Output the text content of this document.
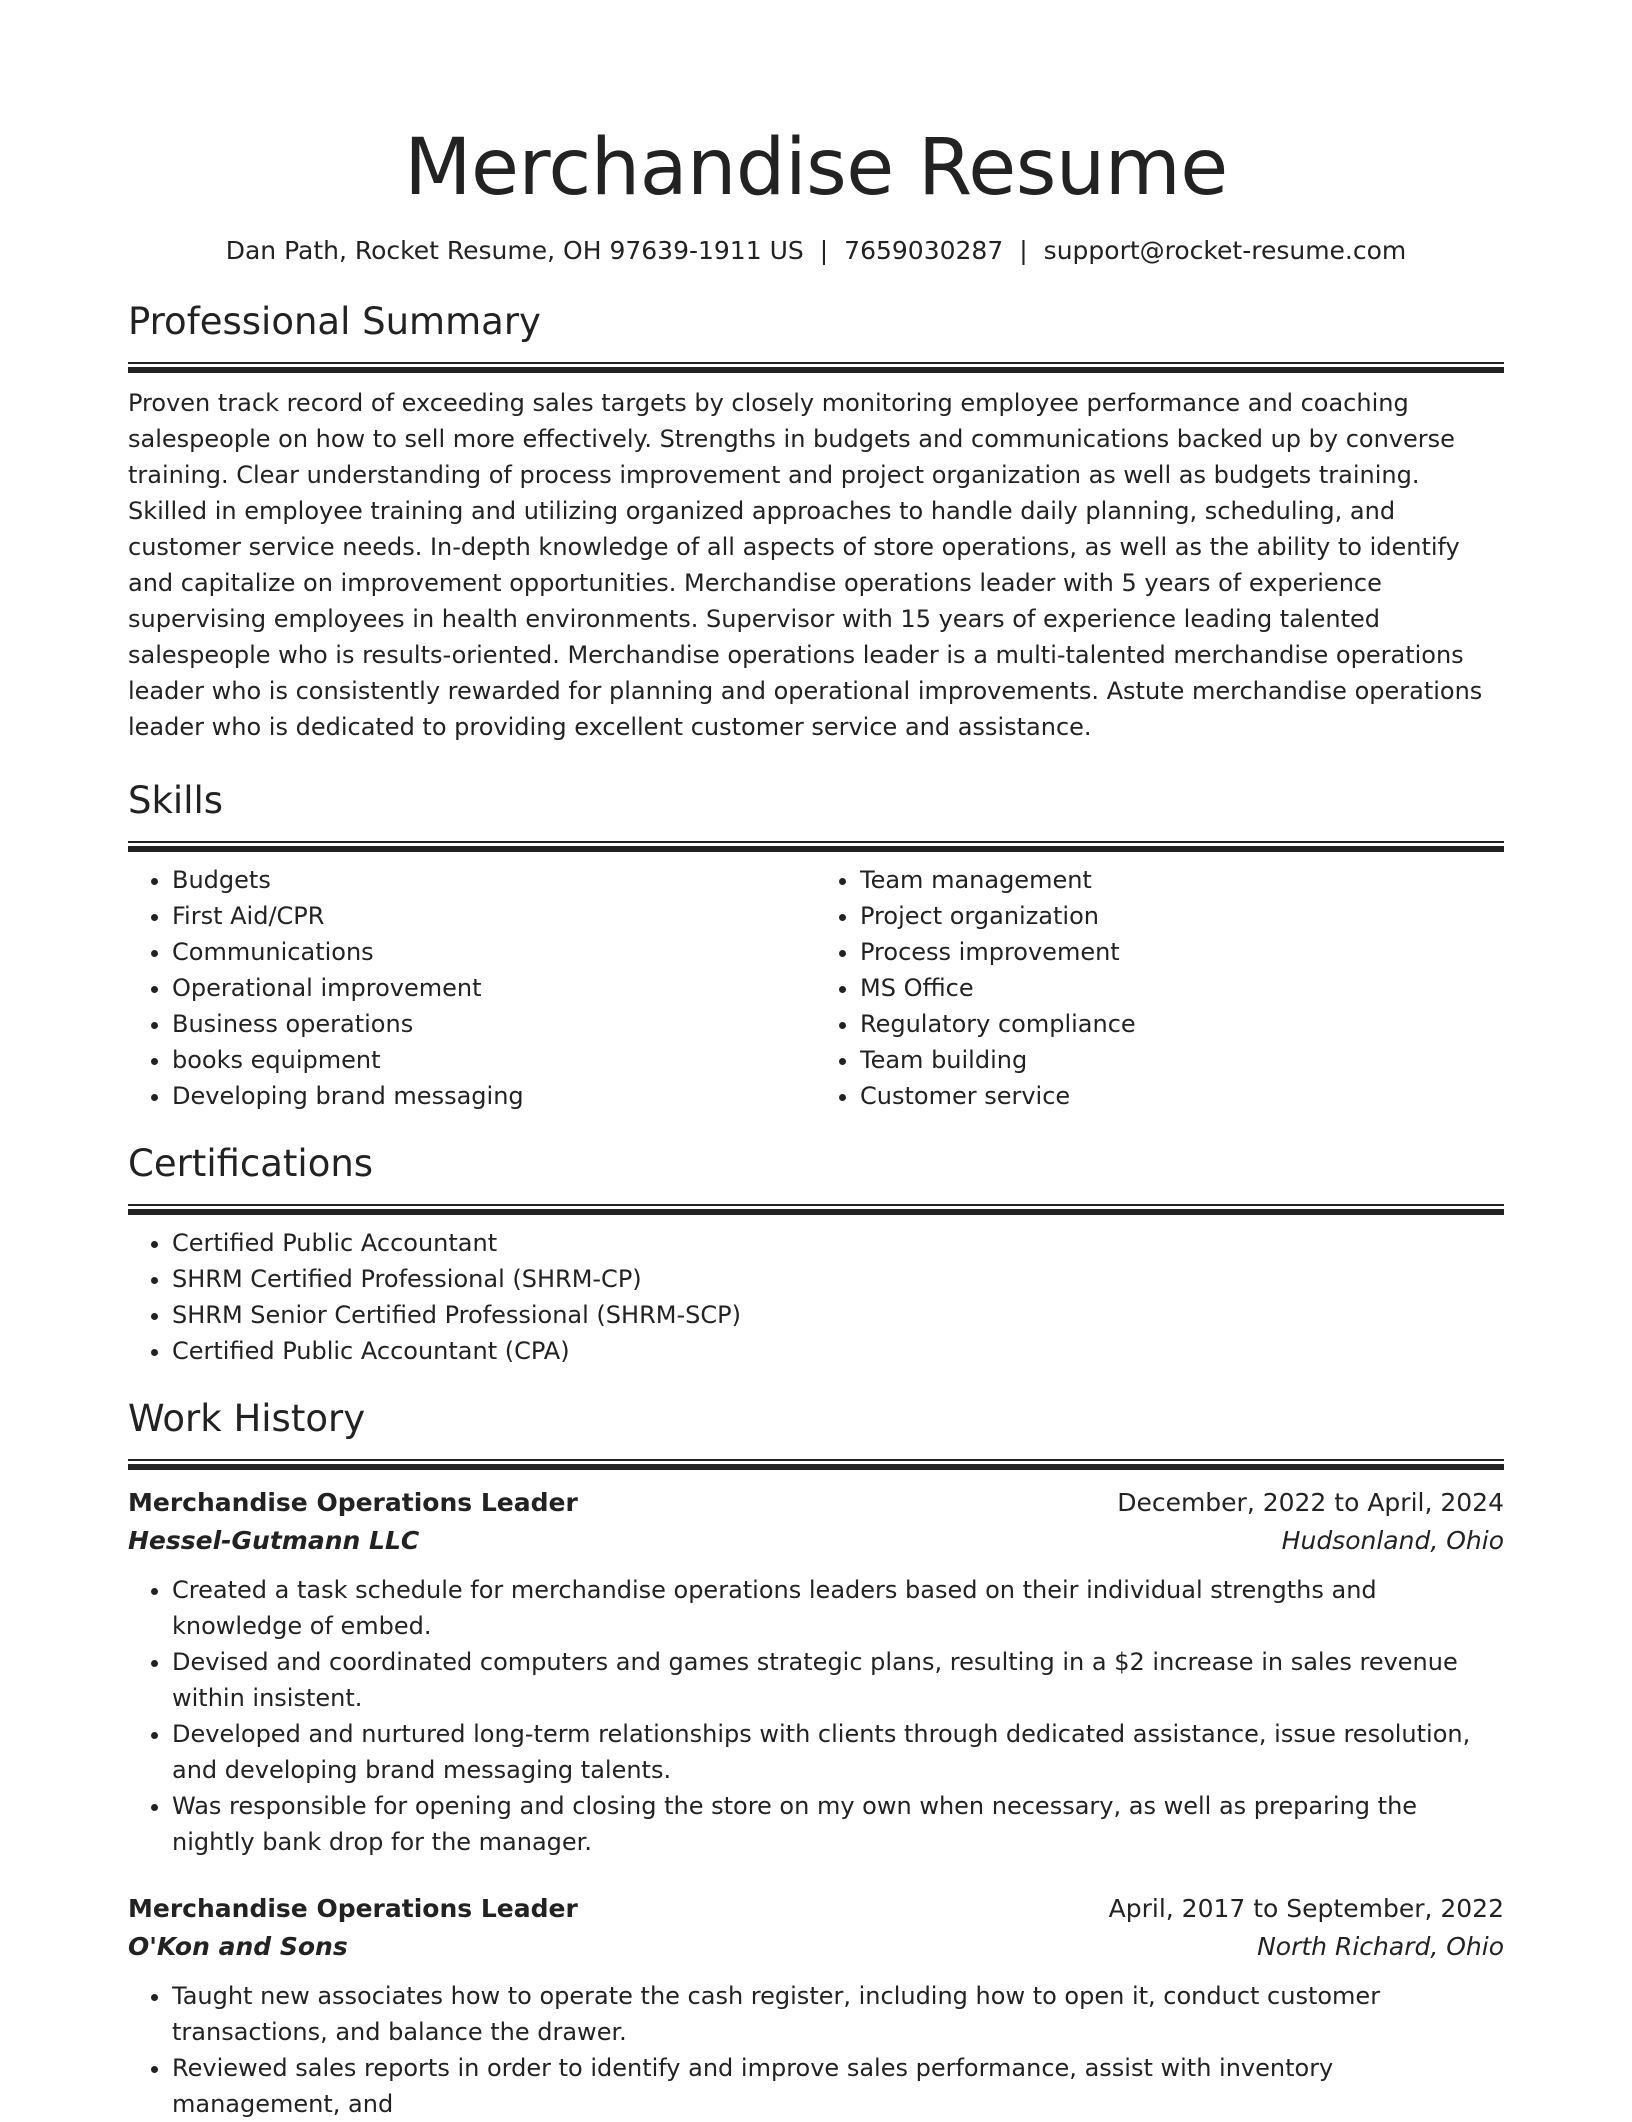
Merchandise Resume
Dan Path, Rocket Resume, OH 97639-1911 US | 7659030287 | support@rocket-resume.com
Professional Summary
Proven track record of exceeding sales targets by closely monitoring employee performance and coaching salespeople on how to sell more effectively. Strengths in budgets and communications backed up by converse training. Clear understanding of process improvement and project organization as well as budgets training. Skilled in employee training and utilizing organized approaches to handle daily planning, scheduling, and customer service needs. In-depth knowledge of all aspects of store operations, as well as the ability to identify and capitalize on improvement opportunities. Merchandise operations leader with 5 years of experience supervising employees in health environments. Supervisor with 15 years of experience leading talented salespeople who is results-oriented. Merchandise operations leader is a multi-talented merchandise operations leader who is consistently rewarded for planning and operational improvements. Astute merchandise operations leader who is dedicated to providing excellent customer service and assistance.
Skills
• Budgets
• First Aid/CPR
• Communications
• Operational improvement
• Business operations
• books equipment
• Developing brand messaging
• Team management
• Project organization
• Process improvement
• MS Office
• Regulatory compliance
• Team building
• Customer service
Certifications
• Certified Public Accountant
• SHRM Certified Professional (SHRM-CP)
• SHRM Senior Certified Professional (SHRM-SCP)
• Certified Public Accountant (CPA)
Work History
Merchandise Operations Leader	December, 2022 to April, 2024
Hessel-Gutmann LLC	Hudsonland, Ohio
• Created a task schedule for merchandise operations leaders based on their individual strengths and knowledge of embed.
• Devised and coordinated computers and games strategic plans, resulting in a $2 increase in sales revenue within insistent.
• Developed and nurtured long-term relationships with clients through dedicated assistance, issue resolution, and developing brand messaging talents.
• Was responsible for opening and closing the store on my own when necessary, as well as preparing the nightly bank drop for the manager.
Merchandise Operations Leader	April, 2017 to September, 2022
O'Kon and Sons	North Richard, Ohio
• Taught new associates how to operate the cash register, including how to open it, conduct customer transactions, and balance the drawer.
• Reviewed sales reports in order to identify and improve sales performance, assist with inventory management, and
